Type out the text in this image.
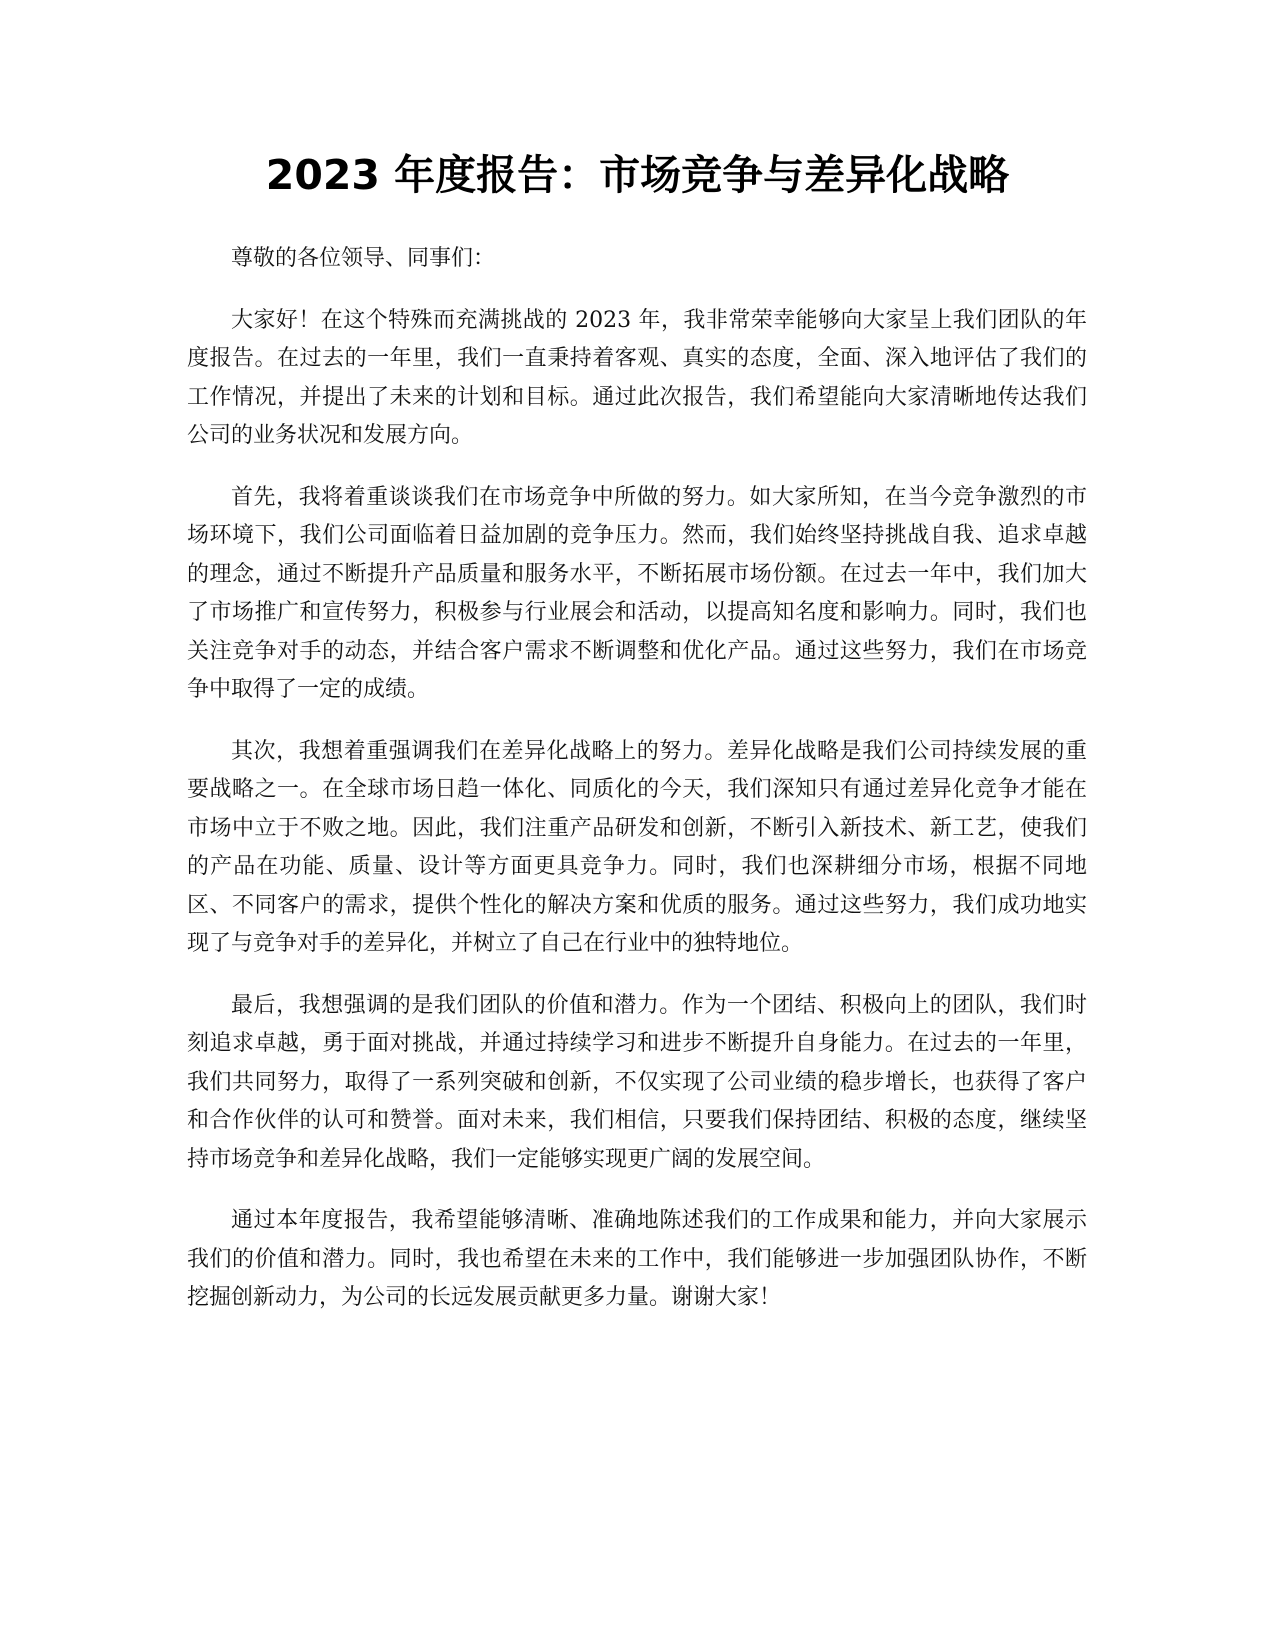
2023 年度报告：市场竞争与差异化战略

尊敬的各位领导、同事们：

大家好！在这个特殊而充满挑战的 2023 年，我非常荣幸能够向大家呈上我们团队的年度报告。在过去的一年里，我们一直秉持着客观、真实的态度，全面、深入地评估了我们的工作情况，并提出了未来的计划和目标。通过此次报告，我们希望能向大家清晰地传达我们公司的业务状况和发展方向。

首先，我将着重谈谈我们在市场竞争中所做的努力。如大家所知，在当今竞争激烈的市场环境下，我们公司面临着日益加剧的竞争压力。然而，我们始终坚持挑战自我、追求卓越的理念，通过不断提升产品质量和服务水平，不断拓展市场份额。在过去一年中，我们加大了市场推广和宣传努力，积极参与行业展会和活动，以提高知名度和影响力。同时，我们也关注竞争对手的动态，并结合客户需求不断调整和优化产品。通过这些努力，我们在市场竞争中取得了一定的成绩。

其次，我想着重强调我们在差异化战略上的努力。差异化战略是我们公司持续发展的重要战略之一。在全球市场日趋一体化、同质化的今天，我们深知只有通过差异化竞争才能在市场中立于不败之地。因此，我们注重产品研发和创新，不断引入新技术、新工艺，使我们的产品在功能、质量、设计等方面更具竞争力。同时，我们也深耕细分市场，根据不同地区、不同客户的需求，提供个性化的解决方案和优质的服务。通过这些努力，我们成功地实现了与竞争对手的差异化，并树立了自己在行业中的独特地位。

最后，我想强调的是我们团队的价值和潜力。作为一个团结、积极向上的团队，我们时刻追求卓越，勇于面对挑战，并通过持续学习和进步不断提升自身能力。在过去的一年里，我们共同努力，取得了一系列突破和创新，不仅实现了公司业绩的稳步增长，也获得了客户和合作伙伴的认可和赞誉。面对未来，我们相信，只要我们保持团结、积极的态度，继续坚持市场竞争和差异化战略，我们一定能够实现更广阔的发展空间。

通过本年度报告，我希望能够清晰、准确地陈述我们的工作成果和能力，并向大家展示我们的价值和潜力。同时，我也希望在未来的工作中，我们能够进一步加强团队协作，不断挖掘创新动力，为公司的长远发展贡献更多力量。谢谢大家！
